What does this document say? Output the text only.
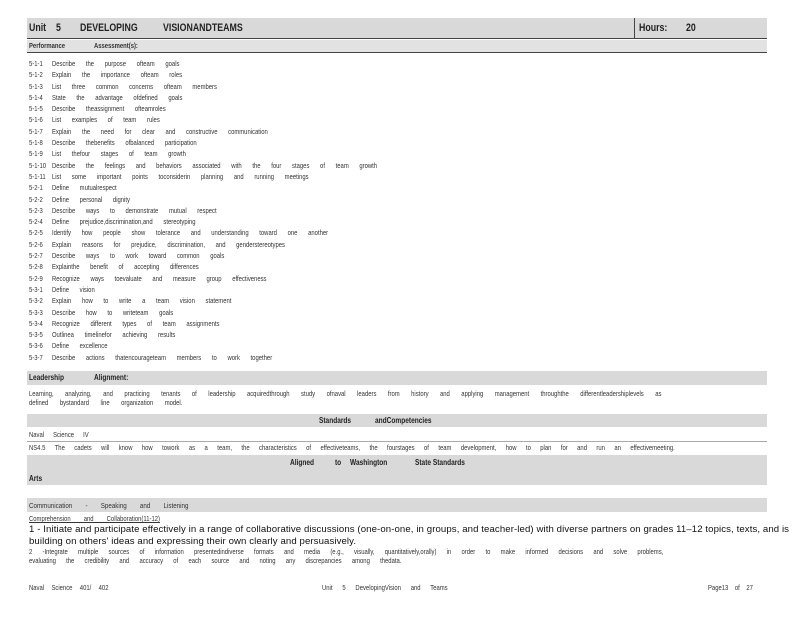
Unit 5 DEVELOPING VISIONANDTEAMS	Hours: 20
Performance	Assessment(s):
5-1-1	Describe the purpose ofteam goals
5-1-2	Explain the importance ofteam roles
5-1-3	List three common concerns ofteam members
5-1-4	State the advantage ofdefined goals
5-1-5	Describe theassignment ofteamroles
5-1-6	List examples of team rules
5-1-7	Explain the need for clear and constructive communication
5-1-8	Describe thebenefits ofbalanced participation
5-1-9	List thefour stages of team growth
5-1-10 Describe the feelings and behaviors associated with the four stages of team growth
5-1-11 List some important points toconsiderin planning and running meetings
5-2-1	Define mutualrespect
5-2-2	Define personal dignity
5-2-3	Describe ways to demonstrate mutual respect
5-2-4	Define prejudice,discrimination,and stereotyping
5-2-5	Identify how people show tolerance and understanding toward one another
5-2-6	Explain reasons for prejudice, discrimination, and genderstereotypes
5-2-7	Describe ways to work toward common goals
5-2-8	Explainthe benefit of accepting differences
5-2-9	Recognize ways toevaluate and measure group effectiveness
5-3-1	Define vision
5-3-2	Explain how to write a team vision statement
5-3-3	Describe how to writeteam goals
5-3-4	Recognize different types of team assignments
5-3-5	Outlinea timelinefor achieving results
5-3-6	Define excellence
5-3-7	Describe actions thatencourageteam members to work together
Leadership	Alignment:
Learning, analyzing, and practicing tenants of leadership acquiredthrough study ofnaval leaders from history and applying management throughthe differentleadershiplevels as
defined bystandard line organization model.
Standards	andCompetencies
Naval Science IV
NS4.5 The cadets will know how towork as a team, the characteristics of effectiveteams, the fourstages of team development, how to plan for and run an effectivemeeting.
Aligned	to Washington	State Standards
Arts
Communication - Speaking and Listening
Comprehension and Collaboration(11-12)
1 - Initiate and participate effectively in a range of collaborative discussions (one-on-one, in groups, and teacher-led) with diverse partners on grades 11–12 topics, texts, and is
building on others' ideas and expressing their own clearly and persuasively.
2 -Integrate multiple sources of information presentedindiverse formats and media (e.g., visually, quantitatively,orally) in order to make informed decisions and solve problems,
evaluating the credibility and accuracy of each source and noting any discrepancies among thedata.
Naval Science 401/ 402	Unit 5 DevelopingVision and Teams	Page13 of 27
